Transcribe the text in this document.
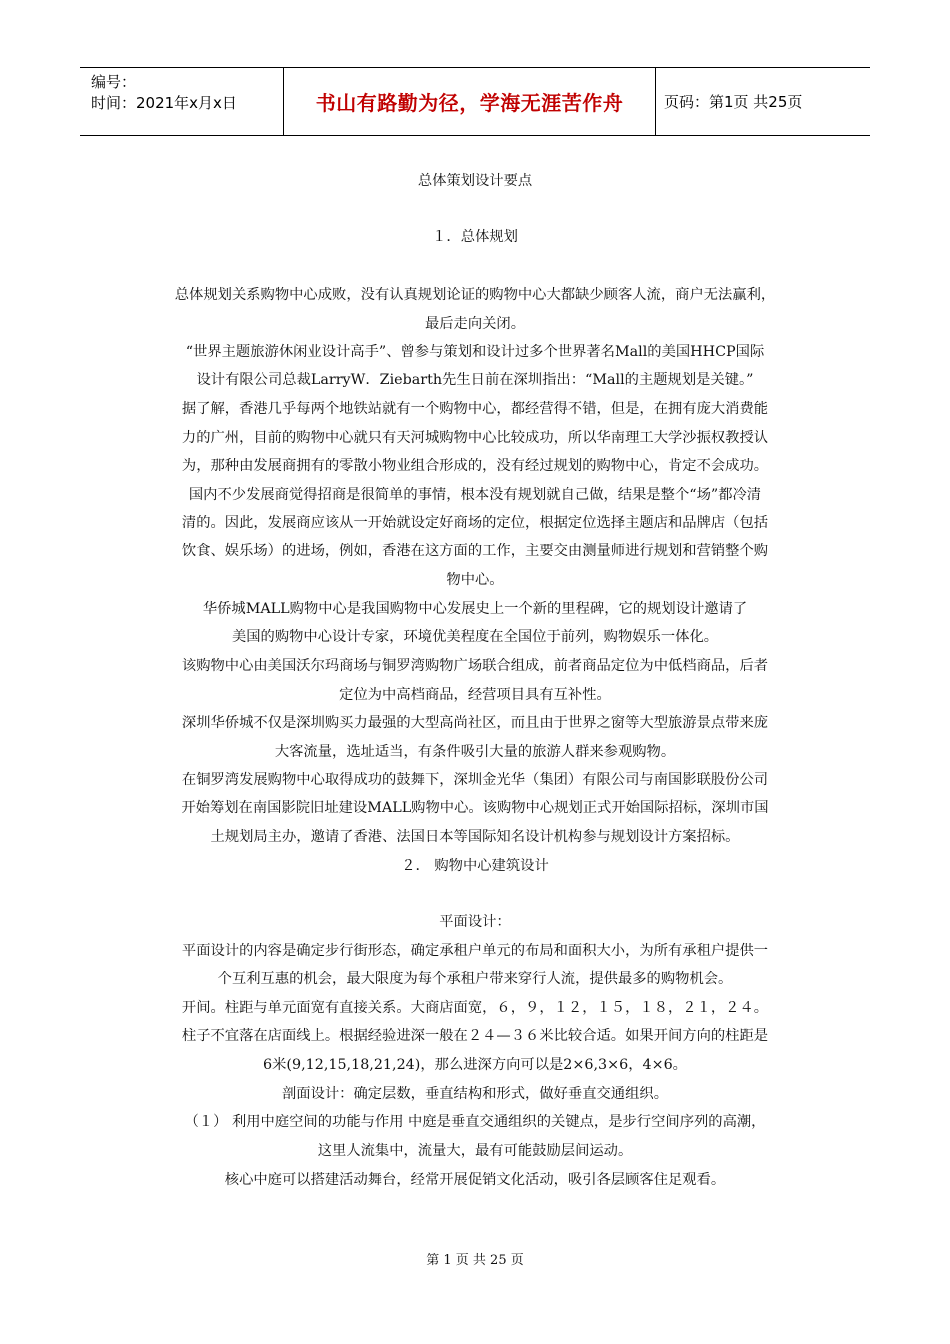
编号：
时间：2021年x月x日	书山有路勤为径，学海无涯苦作舟	页码：第1页 共25页
总体策划设计要点
１．总体规划
总体规划关系购物中心成败，没有认真规划论证的购物中心大都缺少顾客人流，商户无法赢利，
最后走向关闭。
“世界主题旅游休闲业设计高手”、曾参与策划和设计过多个世界著名Mall的美国HHCP国际
设计有限公司总裁LarryW．Ziebarth先生日前在深圳指出：“Mall的主题规划是关键。”
据了解，香港几乎每两个地铁站就有一个购物中心，都经营得不错，但是，在拥有庞大消费能
力的广州，目前的购物中心就只有天河城购物中心比较成功，所以华南理工大学沙振权教授认
为，那种由发展商拥有的零散小物业组合形成的，没有经过规划的购物中心，肯定不会成功。
国内不少发展商觉得招商是很简单的事情，根本没有规划就自己做，结果是整个“场”都冷清
清的。因此，发展商应该从一开始就设定好商场的定位，根据定位选择主题店和品牌店（包括
饮食、娱乐场）的进场，例如，香港在这方面的工作，主要交由测量师进行规划和营销整个购
物中心。
华侨城MALL购物中心是我国购物中心发展史上一个新的里程碑，它的规划设计邀请了
美国的购物中心设计专家，环境优美程度在全国位于前列，购物娱乐一体化。
该购物中心由美国沃尔玛商场与铜罗湾购物广场联合组成，前者商品定位为中低档商品，后者
定位为中高档商品，经营项目具有互补性。
深圳华侨城不仅是深圳购买力最强的大型高尚社区，而且由于世界之窗等大型旅游景点带来庞
大客流量，选址适当，有条件吸引大量的旅游人群来参观购物。
在铜罗湾发展购物中心取得成功的鼓舞下，深圳金光华（集团）有限公司与南国影联股份公司
开始筹划在南国影院旧址建设MALL购物中心。该购物中心规划正式开始国际招标，深圳市国
土规划局主办，邀请了香港、法国日本等国际知名设计机构参与规划设计方案招标。
２． 购物中心建筑设计
平面设计：
平面设计的内容是确定步行街形态，确定承租户单元的布局和面积大小，为所有承租户提供一
个互利互惠的机会，最大限度为每个承租户带来穿行人流，提供最多的购物机会。
开间。柱距与单元面宽有直接关系。大商店面宽，６，９，１２，１５，１８，２１，２４。
柱子不宜落在店面线上。根据经验进深一般在２４—３６米比较合适。如果开间方向的柱距是
6米(9,12,15,18,21,24)，那么进深方向可以是2×6,3×6，4×6。
剖面设计：确定层数，垂直结构和形式，做好垂直交通组织。
（１） 利用中庭空间的功能与作用 中庭是垂直交通组织的关键点，是步行空间序列的高潮，
这里人流集中，流量大，最有可能鼓励层间运动。
核心中庭可以搭建活动舞台，经常开展促销文化活动，吸引各层顾客住足观看。
第 1 页 共 25 页
